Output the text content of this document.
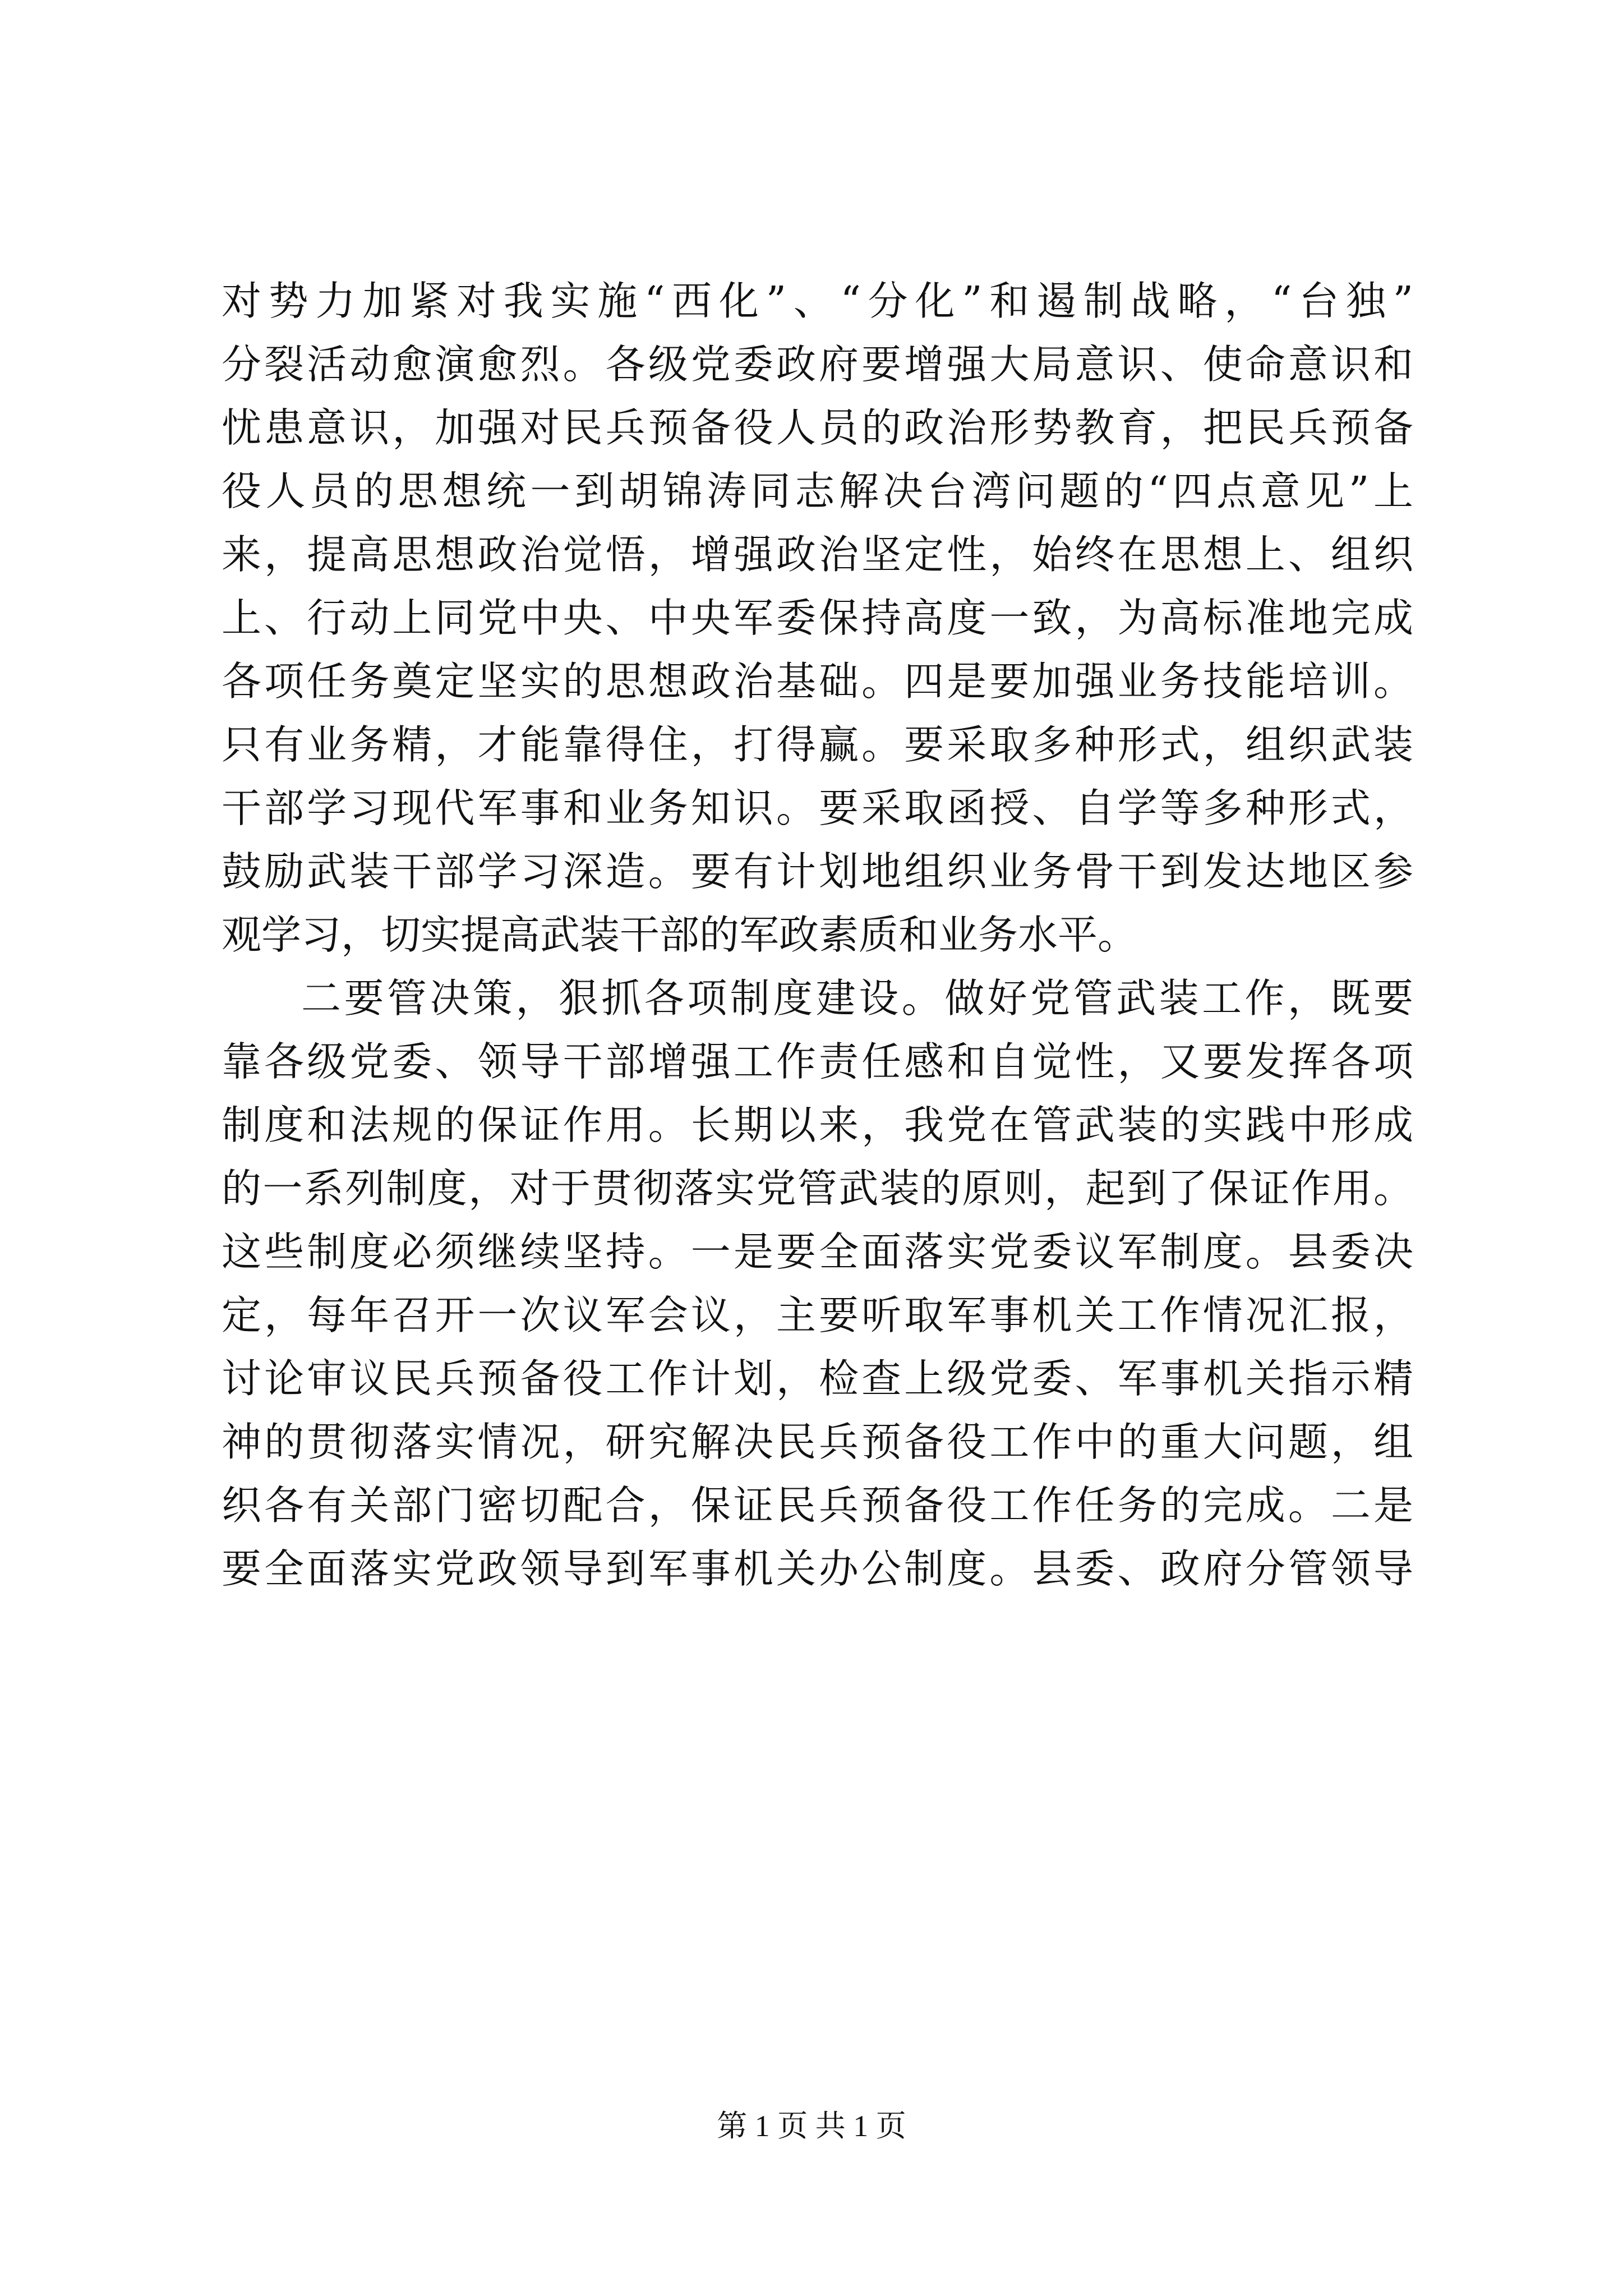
对势力加紧对我实施“西化”、“分化”和遏制战略，“台独”
分裂活动愈演愈烈。各级党委政府要增强大局意识、使命意识和
忧患意识，加强对民兵预备役人员的政治形势教育，把民兵预备
役人员的思想统一到胡锦涛同志解决台湾问题的“四点意见”上
来，提高思想政治觉悟，增强政治坚定性，始终在思想上、组织
上、行动上同党中央、中央军委保持高度一致，为高标准地完成
各项任务奠定坚实的思想政治基础。四是要加强业务技能培训。
只有业务精，才能靠得住，打得赢。要采取多种形式，组织武装
干部学习现代军事和业务知识。要采取函授、自学等多种形式，
鼓励武装干部学习深造。要有计划地组织业务骨干到发达地区参
观学习，切实提高武装干部的军政素质和业务水平。
二要管决策，狠抓各项制度建设。做好党管武装工作，既要
靠各级党委、领导干部增强工作责任感和自觉性，又要发挥各项
制度和法规的保证作用。长期以来，我党在管武装的实践中形成
的一系列制度，对于贯彻落实党管武装的原则，起到了保证作用。
这些制度必须继续坚持。一是要全面落实党委议军制度。县委决
定，每年召开一次议军会议，主要听取军事机关工作情况汇报，
讨论审议民兵预备役工作计划，检查上级党委、军事机关指示精
神的贯彻落实情况，研究解决民兵预备役工作中的重大问题，组
织各有关部门密切配合，保证民兵预备役工作任务的完成。二是
要全面落实党政领导到军事机关办公制度。县委、政府分管领导
第 1 页 共 1 页
